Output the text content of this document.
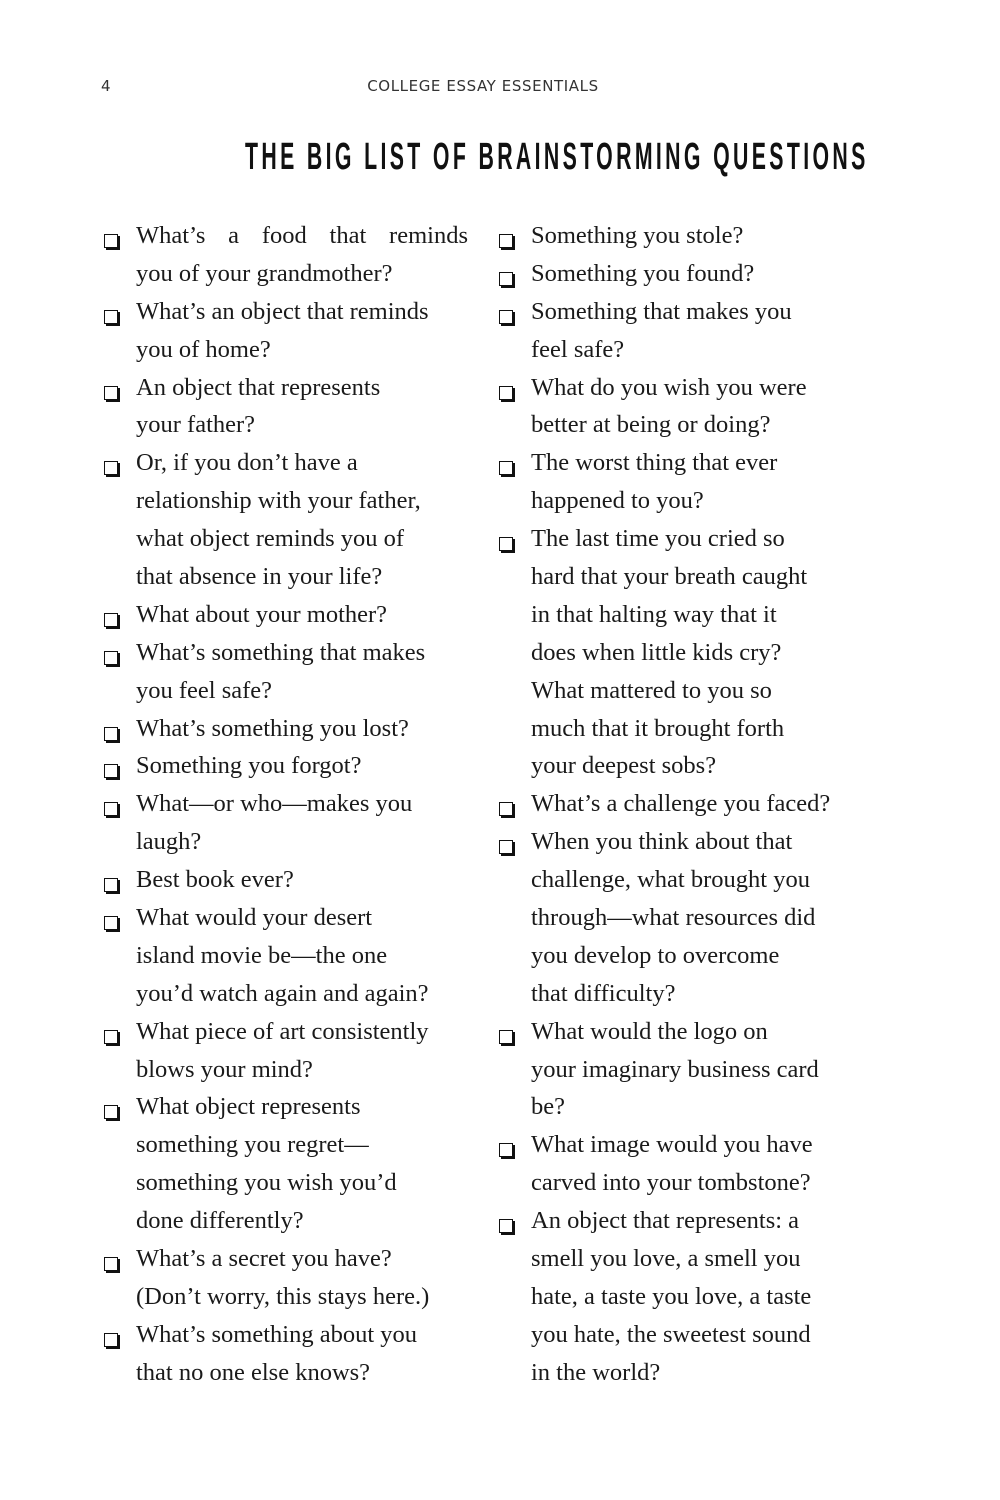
4	COLLEGE ESSAY ESSENTIALS
THE BIG LIST OF BRAINSTORMING QUESTIONS
What’s a food that reminds
you of your grandmother?
What’s an object that reminds
you of home?
An object that represents
your father?
Or, if you don’t have a
relationship with your father,
what object reminds you of
that absence in your life?
What about your mother?
What’s something that makes
you feel safe?
What’s something you lost?
Something you forgot?
What—or who—makes you
laugh?
Best book ever?
What would your desert
island movie be—the one
you’d watch again and again?
What piece of art consistently
blows your mind?
What object represents
something you regret—
something you wish you’d
done differently?
What’s a secret you have?
(Don’t worry, this stays here.)
What’s something about you
that no one else knows?
Something you stole?
Something you found?
Something that makes you
feel safe?
What do you wish you were
better at being or doing?
The worst thing that ever
happened to you?
The last time you cried so
hard that your breath caught
in that halting way that it
does when little kids cry?
What mattered to you so
much that it brought forth
your deepest sobs?
What’s a challenge you faced?
When you think about that
challenge, what brought you
through—what resources did
you develop to overcome
that difficulty?
What would the logo on
your imaginary business card
be?
What image would you have
carved into your tombstone?
An object that represents: a
smell you love, a smell you
hate, a taste you love, a taste
you hate, the sweetest sound
in the world?
